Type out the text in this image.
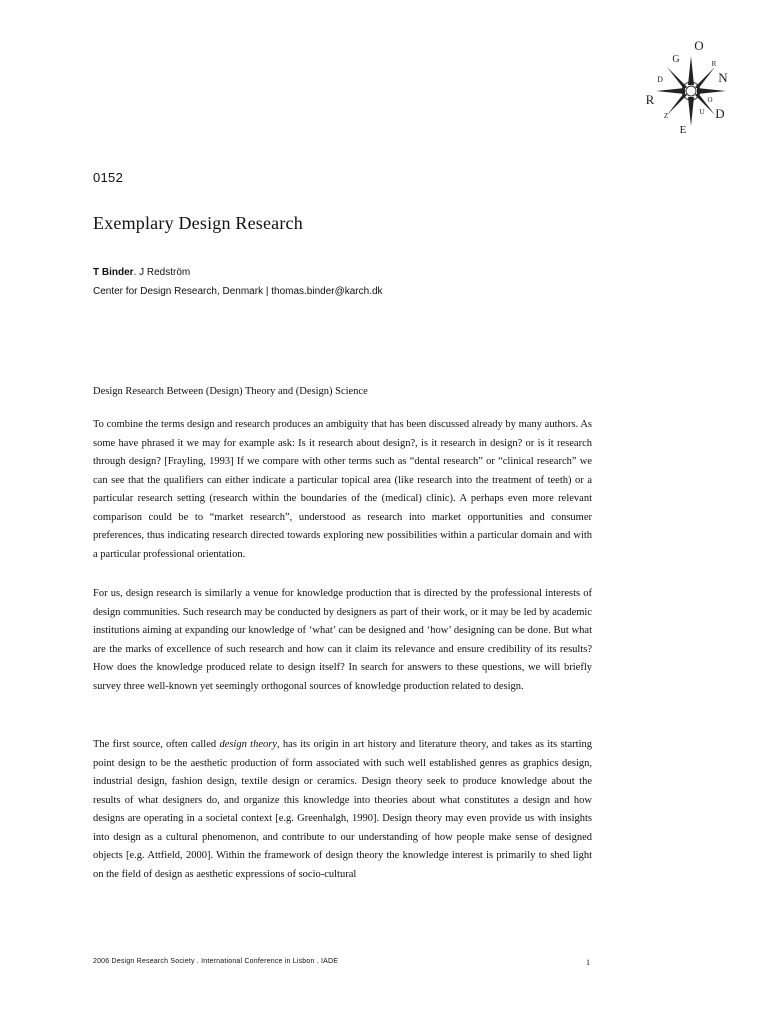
O
N
D
E
R
G
D
R
O
U
Z
0152
Exemplary Design Research
T Binder. J Redström
Center for Design Research, Denmark | thomas.binder@karch.dk
Design Research Between (Design) Theory and (Design) Science

To combine the terms design and research produces an ambiguity that has been discussed already by many authors. As some have phrased it we may for example ask: Is it research about design?, is it research in design? or is it research through design? [Frayling, 1993] If we compare with other terms such as “dental research” or “clinical research” we can see that the qualifiers can either indicate a particular topical area (like research into the treatment of teeth) or a particular research setting (research within the boundaries of the (medical) clinic). A perhaps even more relevant comparison could be to “market research”, understood as research into market opportunities and consumer preferences, thus indicating research directed towards exploring new possibilities within a particular domain and with a particular professional orientation.

For us, design research is similarly a venue for knowledge production that is directed by the professional interests of design communities. Such research may be conducted by designers as part of their work, or it may be led by academic institutions aiming at expanding our knowledge of ‘what’ can be designed and ‘how’ designing can be done. But what are the marks of excellence of such research and how can it claim its relevance and ensure credibility of its results? How does the knowledge produced relate to design itself? In search for answers to these questions, we will briefly survey three well-known yet seemingly orthogonal sources of knowledge production related to design.

The first source, often called design theory, has its origin in art history and literature theory, and takes as its starting point design to be the aesthetic production of form associated with such well established genres as graphics design, industrial design, fashion design, textile design or ceramics. Design theory seek to produce knowledge about the results of what designers do, and organize this knowledge into theories about what constitutes a design and how designs are operating in a societal context [e.g. Greenhalgh, 1990]. Design theory may even provide us with insights into design as a cultural phenomenon, and contribute to our understanding of how people make sense of designed objects [e.g. Attfield, 2000]. Within the framework of design theory the knowledge interest is primarily to shed light on the field of design as aesthetic expressions of socio-cultural

2006 Design Research Society . International Conference in Lisbon . IADE	1
